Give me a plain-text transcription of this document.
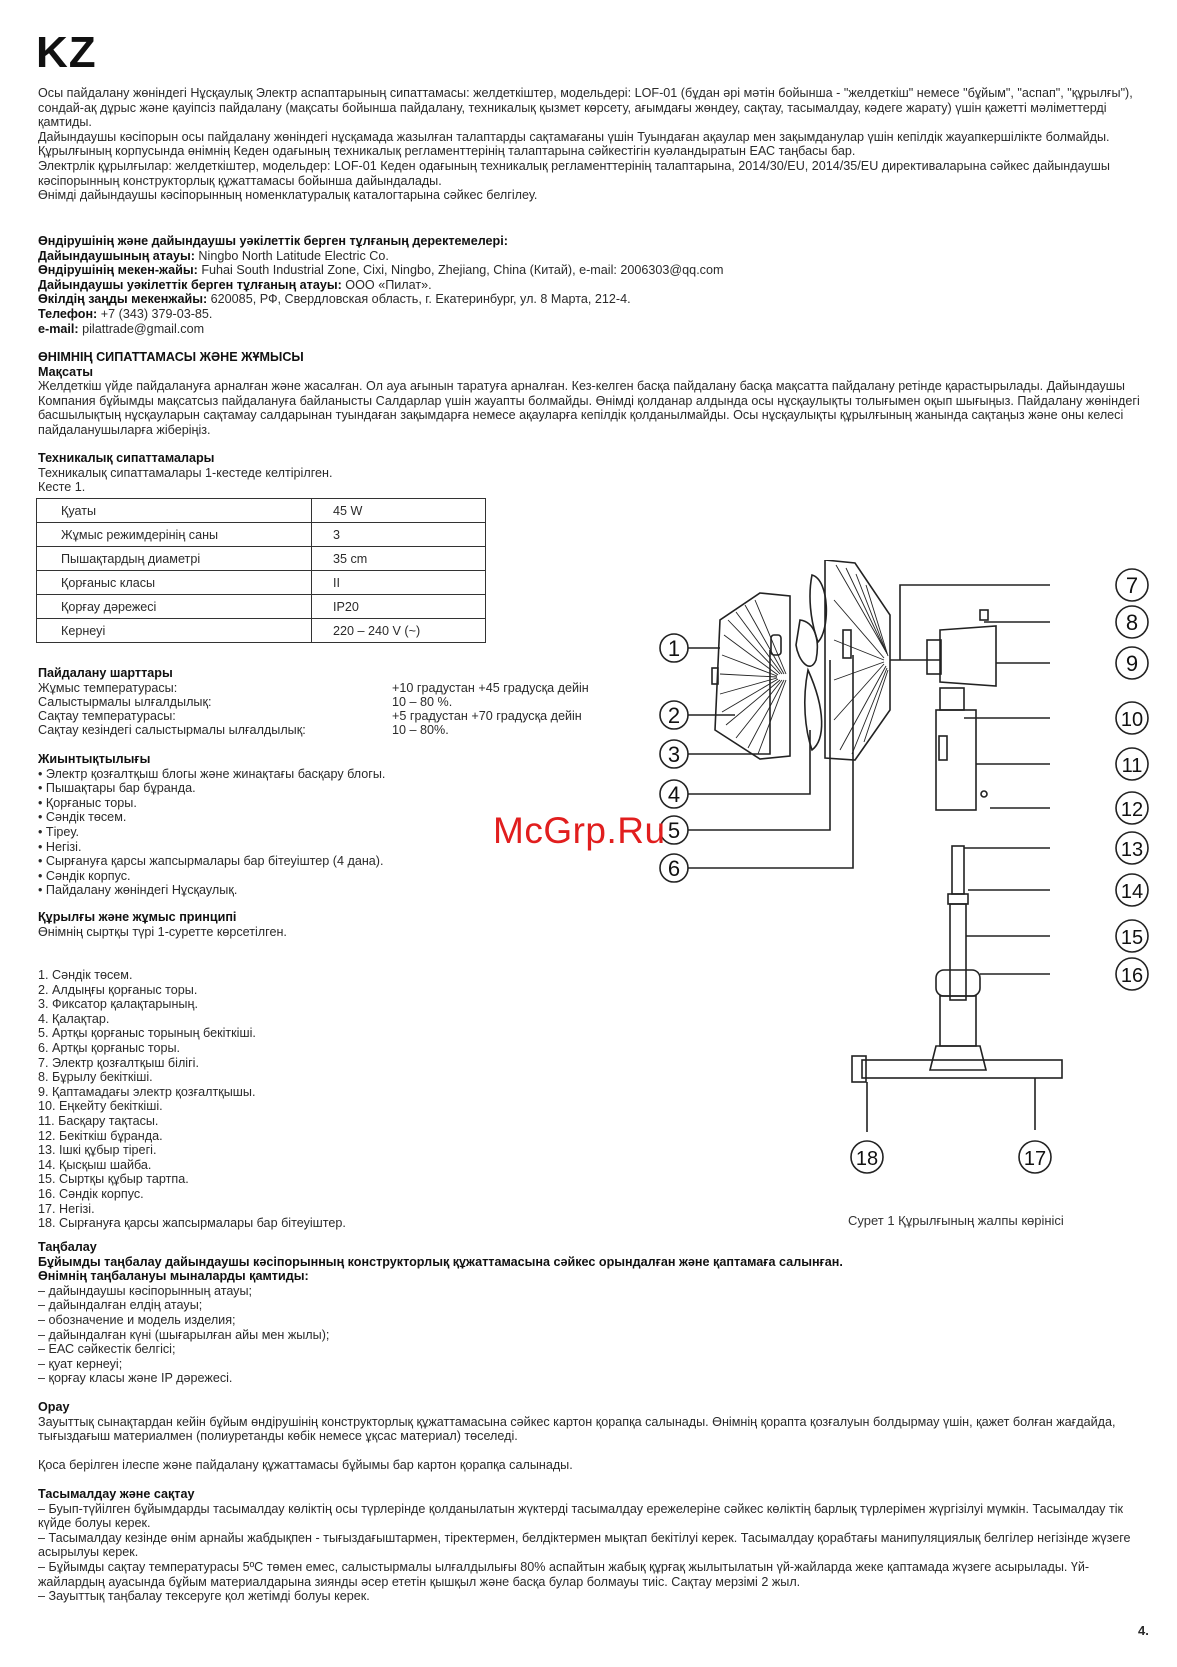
KZ

Осы пайдалану жөніндегі Нұсқаулық Электр аспаптарының сипаттамасы: желдеткіштер, модельдері: LOF-01 (бұдан әрі мәтін бойынша - "желдеткіш" немесе "бұйым", "аспап", "құрылғы"), сондай-ақ дұрыс және қауіпсіз пайдалану (мақсаты бойынша пайдалану, техникалық қызмет көрсету, ағымдағы жөндеу, сақтау, тасымалдау, кәдеге жарату) үшін қажетті мәліметтерді қамтиды.

Дайындаушы кәсіпорын осы пайдалану жөніндегі нұсқамада жазылған талаптарды сақтамағаны үшін Туындаған ақаулар мен зақымданулар үшін кепілдік жауапкершілікте болмайды.

Құрылғының корпусында өнімнің Кеден одағының техникалық регламенттерінің талаптарына сәйкестігін куәландыратын ЕАС таңбасы бар.

Электрлік құрылғылар: желдеткіштер, модельдер: LOF-01 Кеден одағының техникалық регламенттерінің талаптарына, 2014/30/EU, 2014/35/EU директиваларына сәйкес дайындаушы кәсіпорынның конструкторлық құжаттамасы бойынша дайындалады.

Өнімді дайындаушы кәсіпорынның номенклатуралық каталогтарына сәйкес белгілеу.

Өндірушінің және дайындаушы уәкілеттік берген тұлғаның деректемелері:

Дайындаушының атауы: Ningbo North Latitude Electric Co.

Өндірушінің мекен-жайы: Fuhai South Industrial Zone, Cixi, Ningbo, Zhejiang, China (Китай), e-mail: 2006303@qq.com

Дайындаушы уәкілеттік берген тұлғаның атауы: ООО «Пилат».

Өкілдің заңды мекенжайы: 620085, РФ, Свердловская область, г. Екатеринбург, ул. 8 Марта, 212-4.

Телефон: +7 (343) 379-03-85.

e-mail: pilattrade@gmail.com

ӨНІМНІҢ СИПАТТАМАСЫ ЖӘНЕ ЖҰМЫСЫ

Мақсаты

Желдеткіш үйде пайдалануға арналған және жасалған. Ол ауа ағынын таратуға арналған. Кез-келген басқа пайдалану басқа мақсатта пайдалану ретінде қарастырылады. Дайындаушы Компания бұйымды мақсатсыз пайдалануға байланысты Салдарлар үшін жауапты болмайды. Өнімді қолданар алдында осы нұсқаулықты толығымен оқып шығыңыз. Пайдалану жөніндегі басшылықтың нұсқауларын сақтамау салдарынан туындаған зақымдарға немесе ақауларға кепілдік қолданылмайды. Осы нұсқаулықты құрылғының жанында сақтаңыз және оны келесі пайдаланушыларға жіберіңіз.

Техникалық сипаттамалары

Техникалық сипаттамалары 1-кестеде келтірілген.

Кесте 1.

Қуаты	45 W
Жұмыс режимдерінің саны	3
Пышақтардың диаметрі	35 cm
Қорғаныс класы	II
Қорғау дәрежесі	IP20
Кернеуі	220 – 240 V (~)

Пайдалану шарттары

Жұмыс температурасы:	+10 градустан +45 градусқа дейін
Салыстырмалы ылғалдылық:	10 – 80 %.
Сақтау температурасы:	+5 градустан +70 градусқа дейін
Сақтау кезіндегі салыстырмалы ылғалдылық:	10 – 80%.

Жиынтықтылығы

• Электр қозғалтқыш блогы және жинақтағы басқару блогы.
• Пышақтары бар бұранда.
• Қорғаныс торы.
• Сәндік төсем.
• Тірeу.
• Негізі.
• Сырғануға қарсы жапсырмалары бар бітеуіштер (4 дана).
• Сәндік корпус.
• Пайдалану жөніндегі Нұсқаулық.

Құрылғы және жұмыс принципі

Өнімнің сыртқы түрі 1-суретте көрсетілген.

1. Сәндік төсем.

2. Алдыңғы қорғаныс торы.

3. Фиксатор қалақтарының.

4. Қалақтар.

5. Артқы қорғаныс торының бекіткіші.

6. Артқы қорғаныс торы.

7. Электр қозғалтқыш білігі.

8. Бұрылу бекіткіші.

9. Қаптамадағы электр қозғалтқышы.

10. Еңкейту бекіткіші.

11. Басқару тақтасы.

12. Бекіткіш бұранда.

13. Ішкі құбыр тірегі.

14. Қысқыш шайба.

15. Сыртқы құбыр тартпа.

16. Сәндік корпус.

17. Негізі.

18. Сырғануға қарсы жапсырмалары бар бітеуіштер.

1
2
3
4
5
6
7
8
9
10
11
12
13
14
15
16
17
18
McGrp.Ru
Сурет 1 Құрылғының жалпы көрінісі

Таңбалау

Бұйымды таңбалау дайындаушы кәсіпорынның конструкторлық құжаттамасына сәйкес орындалған және қаптамаға салынған.

Өнімнің таңбалануы мыналарды қамтиды:

– дайындаушы кәсіпорынның атауы;

– дайындалған елдің атауы;

– обозначение и модель изделия;

– дайындалған күні (шығарылған айы мен жылы);

– ЕАС сәйкестік белгісі;

– қуат кернеуі;

– қорғау класы және IP дәрежесі.

Орау

Зауыттық сынақтардан кейін бұйым өндірушінің конструкторлық құжаттамасына сәйкес картон қорапқа салынады. Өнімнің қорапта қозғалуын болдырмау үшін, қажет болған жағдайда, тығыздағыш материалмен (полиуретанды көбік немесе ұқсас материал) төселеді.

Қоса берілген ілеспе және пайдалану құжаттамасы бұйымы бар картон қорапқа салынады.

Тасымалдау және сақтау

– Буып-түйілген бұйымдарды тасымалдау көліктің осы түрлерінде қолданылатын жүктерді тасымалдау ережелеріне сәйкес көліктің барлық түрлерімен жүргізілуі мүмкін. Тасымалдау тік күйде болуы керек.

– Тасымалдау кезінде өнім арнайы жабдықпен - тығыздағыштармен, тіректермен, белдіктермен мықтап бекітілуі керек. Тасымалдау қорабтағы манипуляциялық белгілер негізінде жүзеге асырылуы керек.

– Бұйымды сақтау температурасы 5ºС төмен емес, салыстырмалы ылғалдылығы 80% аспайтын жабық құрғақ жылытылатын үй-жайларда жеке қаптамада жүзеге асырылады. Үй-жайлардың ауасында бұйым материалдарына зиянды әсер ететін қышқыл және басқа булар болмауы тиіс. Сақтау мерзімі 2 жыл.

– Зауыттық таңбалау тексеруге қол жетімді болуы керек.

4.
